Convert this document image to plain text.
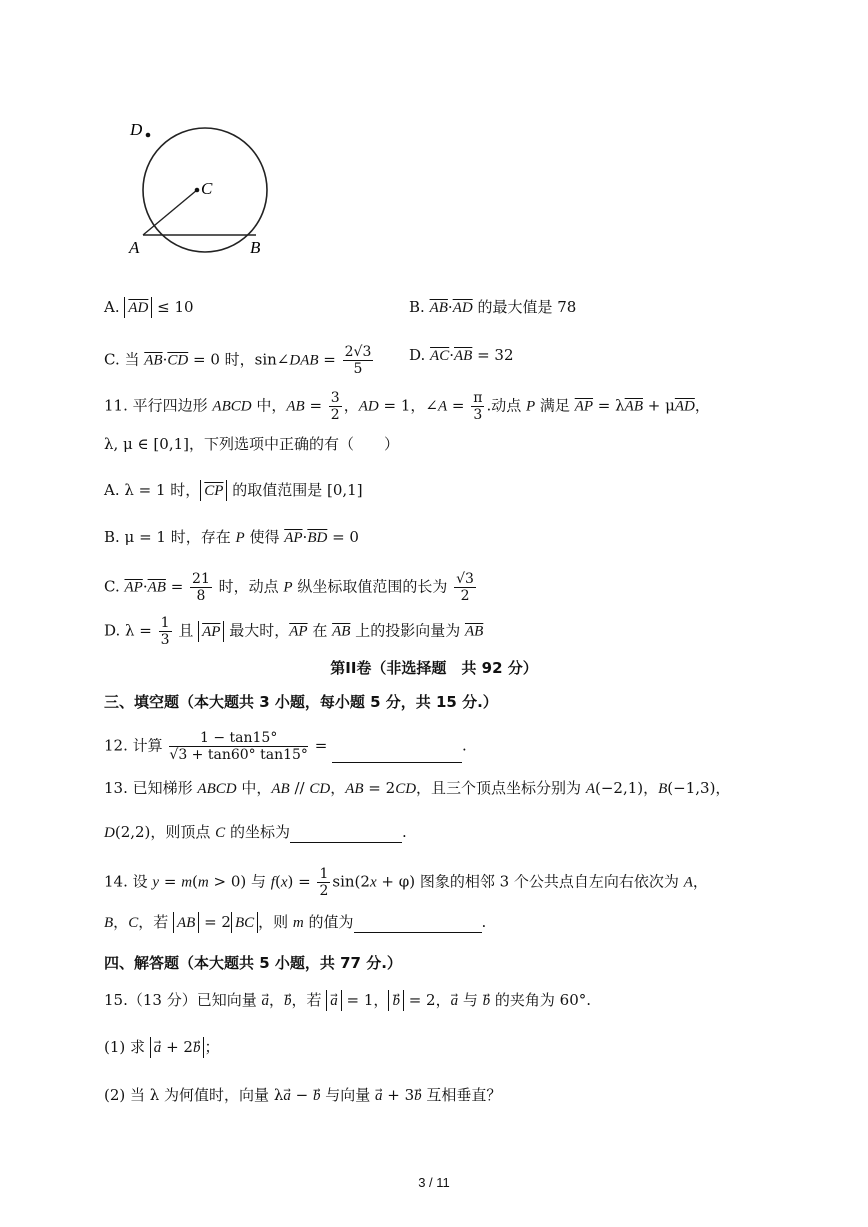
D
C
A	B
A. $\overline{AD} \le 10$	B. $\overline{AB}\cdot\overline{AD}$ 的最大值是 78
C. 当 $\overline{AB}\cdot\overline{CD} = 0$ 时，sin∠DAB = $\frac{2√3}{5} D$. $\overline{AC}\cdot\overline{AB} = 32$
11. 平行四边形 ABCD 中，AB = $\frac{3}{2}$ ，AD = 1，∠A = $\frac{\pi}{3}$ .动点 P 满足 $\overline{AP} = \lambda\overline{AB} + \mu\overline{AD}$，
λ, μ ∈ [0,1]，下列选项中正确的有（　　）
A. λ = 1 时， $\overline{CP}$ 的取值范围是 [0,1]
B. μ = 1 时，存在 P 使得 $\overline{AP}\cdot\overline{BD} = 0$
C. $\overline{AP}\cdot\overline{AB} = \frac{21}{8}$ 时，动点 P 纵坐标取值范围的长为 $\frac{√3}{2}$
D. $\lambda = \frac{1}{3}$ 且 $\overline{AP}$ 最大时，$\overline{AP}$ 在 $\overline{AB}$ 上的投影向量为 $\overline{AB}$
第II卷（非选择题　共 92 分）
三、填空题（本大题共 3 小题，每小题 5 分，共 15 分.）
12. 计算 $\frac{1 - \tan 15^\circ}{√3 + \tan 60^\circ \tan 15^\circ}$ =	.
13. 已知梯形 ABCD 中，AB // CD，AB = 2CD，且三个顶点坐标分别为 A(−2,1)，B(−1,3)，
D(2,2)，则顶点 C 的坐标为	.
14. 设 y = m(m > 0) 与 $f(x) = \frac{1}{2} \sin(2x + \varphi)$ 图象的相邻 3 个公共点自左向右依次为 A，
B，C，若 AB = 2 BC ，则 m 的值为	.
四、解答题（本大题共 5 小题，共 77 分.）
15.（13 分）已知向量 a⃗，b⃗，若 a = 1， b = 2，a⃗ 与 b⃗ 的夹角为 60°.
(1) 求 a⃗ + 2b ；
(2) 当 λ 为何值时，向量 λa⃗ − b⃗ 与向量 a⃗ + 3b⃗ 互相垂直？
3 / 11
